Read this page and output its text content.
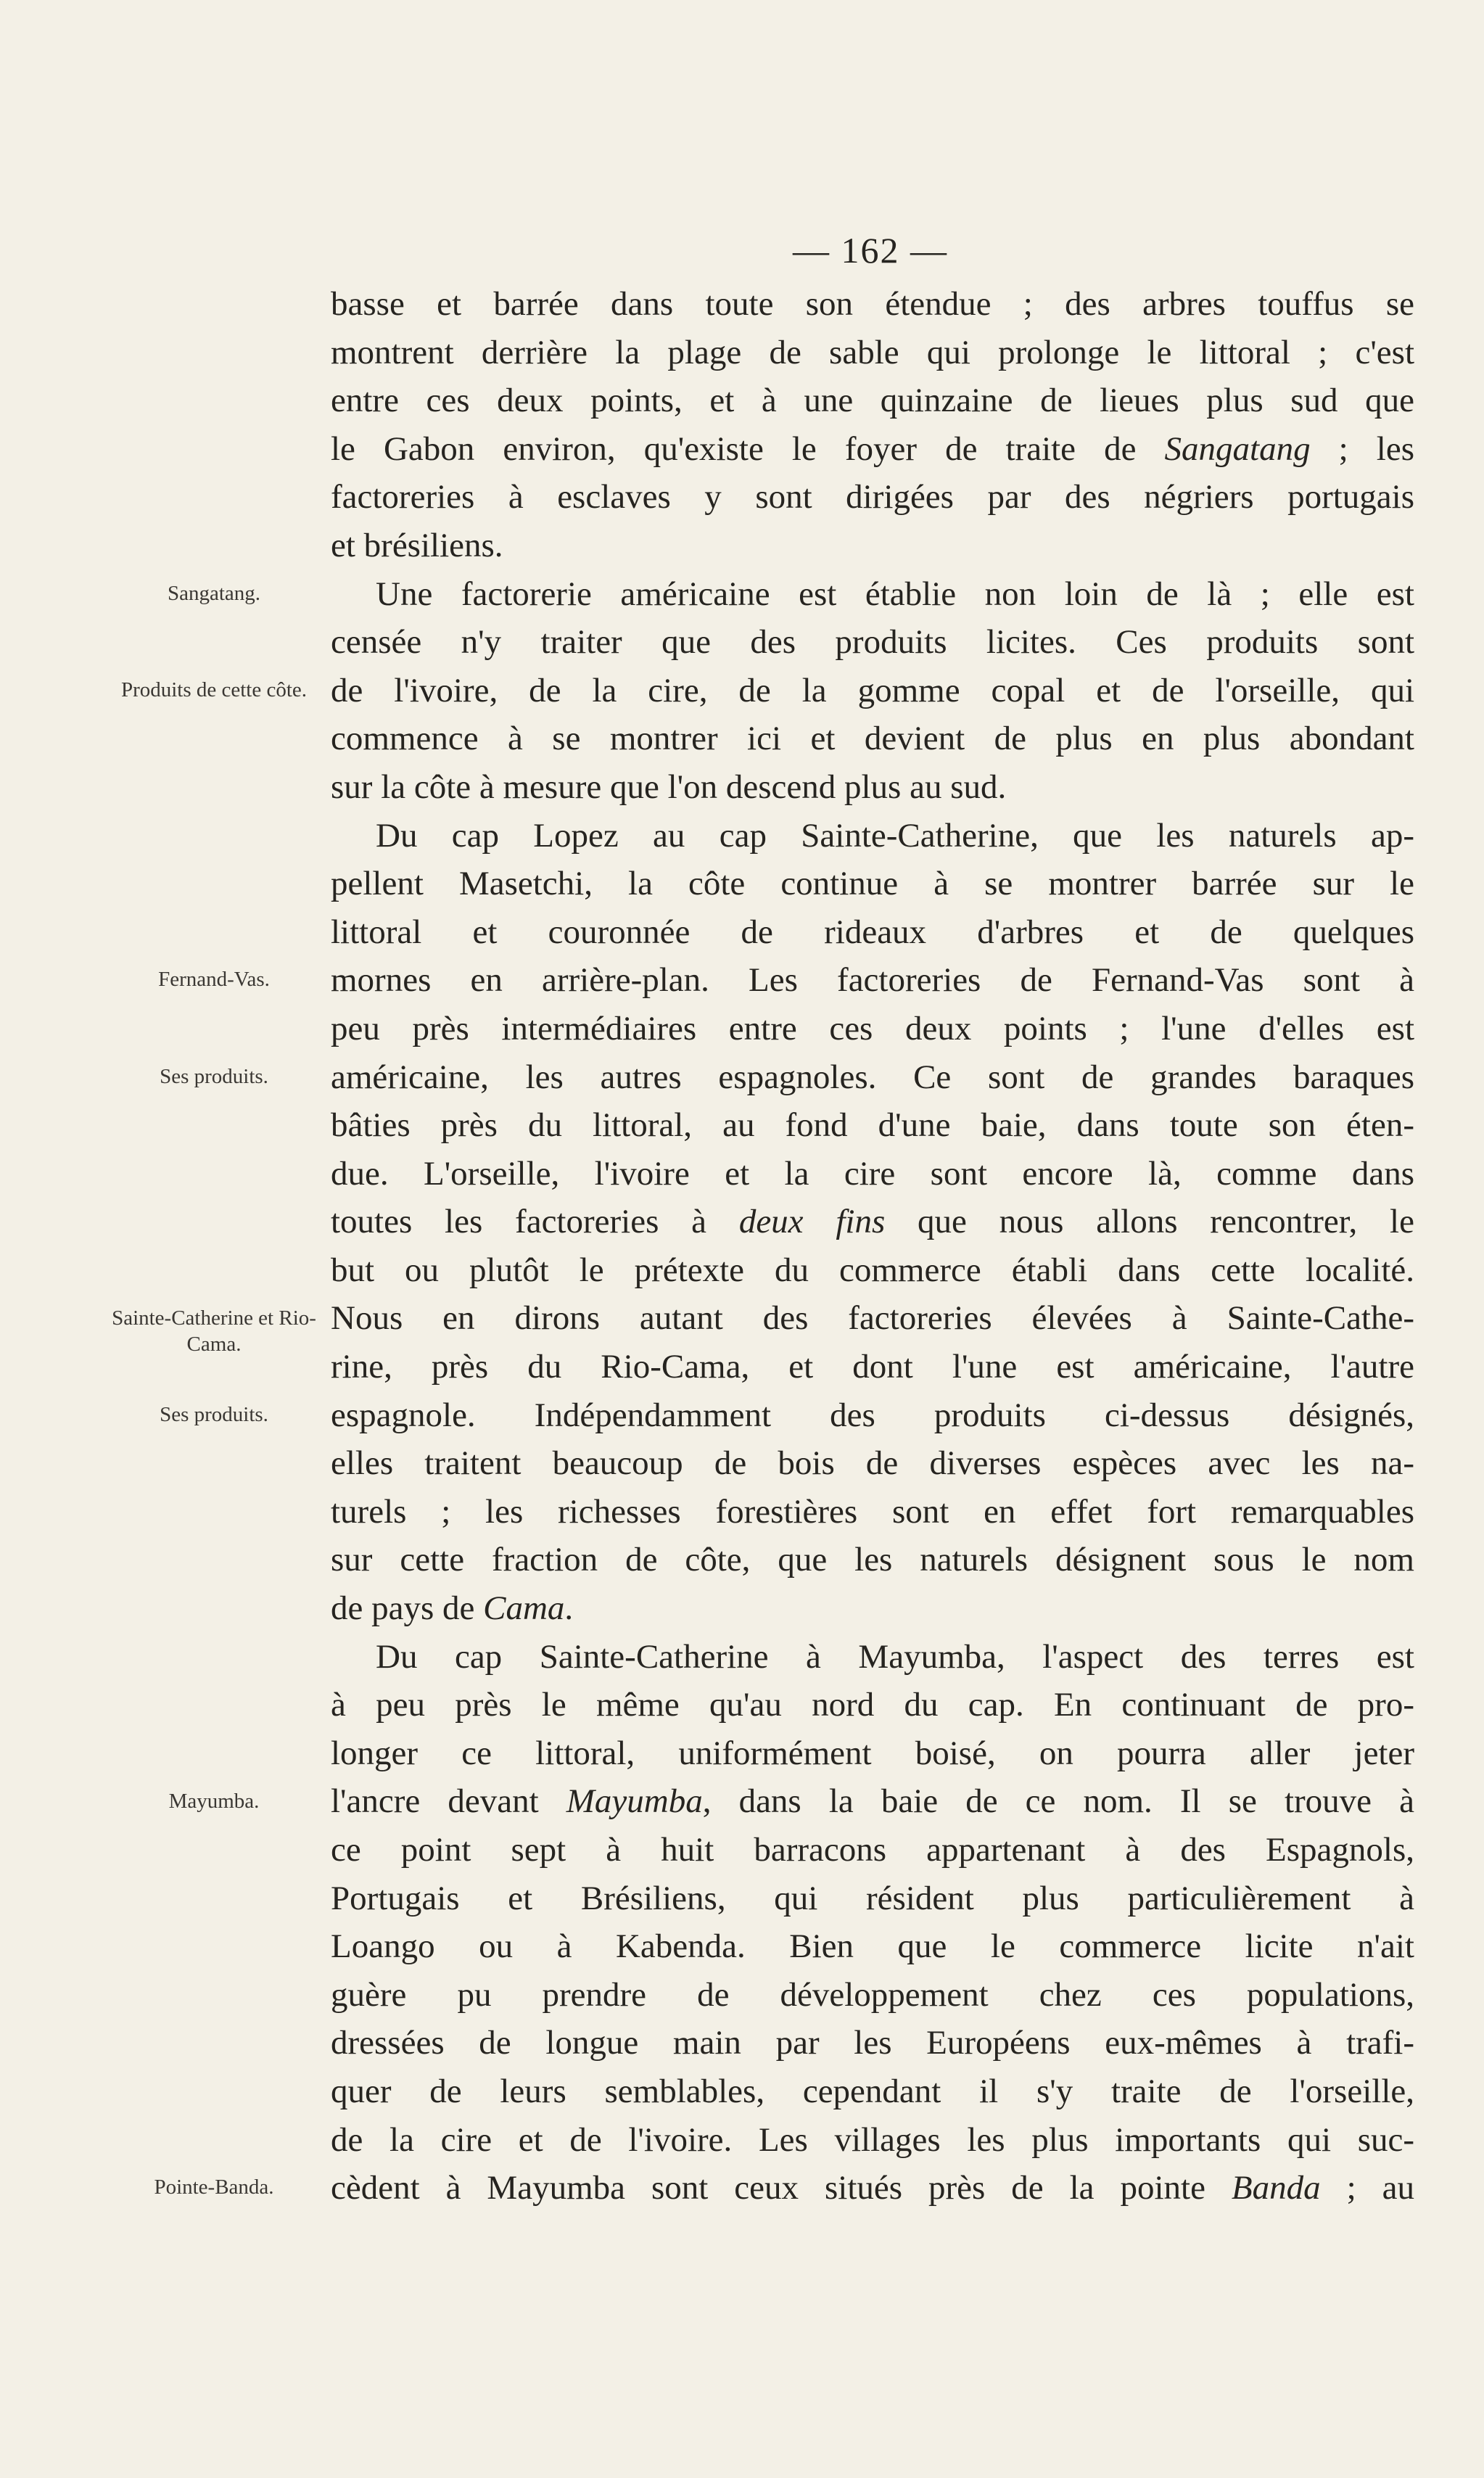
— 162 —
basse et barrée dans toute son étendue ; des arbres touffus se
montrent derrière la plage de sable qui prolonge le littoral ; c'est
entre ces deux points, et à une quinzaine de lieues plus sud que
le Gabon environ, qu'existe le foyer de traite de Sangatang ; les
factoreries à esclaves y sont dirigées par des négriers portugais
et brésiliens.
Une factorerie américaine est établie non loin de là ; elle est
censée n'y traiter que des produits licites. Ces produits sont
de l'ivoire, de la cire, de la gomme copal et de l'orseille, qui
commence à se montrer ici et devient de plus en plus abondant
sur la côte à mesure que l'on descend plus au sud.
Du cap Lopez au cap Sainte-Catherine, que les naturels ap-
pellent Masetchi, la côte continue à se montrer barrée sur le
littoral et couronnée de rideaux d'arbres et de quelques
mornes en arrière-plan. Les factoreries de Fernand-Vas sont à
peu près intermédiaires entre ces deux points ; l'une d'elles est
américaine, les autres espagnoles. Ce sont de grandes baraques
bâties près du littoral, au fond d'une baie, dans toute son éten-
due. L'orseille, l'ivoire et la cire sont encore là, comme dans
toutes les factoreries à deux fins que nous allons rencontrer, le
but ou plutôt le prétexte du commerce établi dans cette localité.
Nous en dirons autant des factoreries élevées à Sainte-Cathe-
rine, près du Rio-Cama, et dont l'une est américaine, l'autre
espagnole. Indépendamment des produits ci-dessus désignés,
elles traitent beaucoup de bois de diverses espèces avec les na-
turels ; les richesses forestières sont en effet fort remarquables
sur cette fraction de côte, que les naturels désignent sous le nom
de pays de Cama.
Du cap Sainte-Catherine à Mayumba, l'aspect des terres est
à peu près le même qu'au nord du cap. En continuant de pro-
longer ce littoral, uniformément boisé, on pourra aller jeter
l'ancre devant Mayumba, dans la baie de ce nom. Il se trouve à
ce point sept à huit barracons appartenant à des Espagnols,
Portugais et Brésiliens, qui résident plus particulièrement à
Loango ou à Kabenda. Bien que le commerce licite n'ait
guère pu prendre de développement chez ces populations,
dressées de longue main par les Européens eux-mêmes à trafi-
quer de leurs semblables, cependant il s'y traite de l'orseille,
de la cire et de l'ivoire. Les villages les plus importants qui suc-
cèdent à Mayumba sont ceux situés près de la pointe Banda ; au
Sangatang.
Produits de cette côte.
Fernand-Vas.
Ses produits.
Sainte-Catherine et Rio-Cama.
Ses produits.
Mayumba.
Pointe-Banda.
